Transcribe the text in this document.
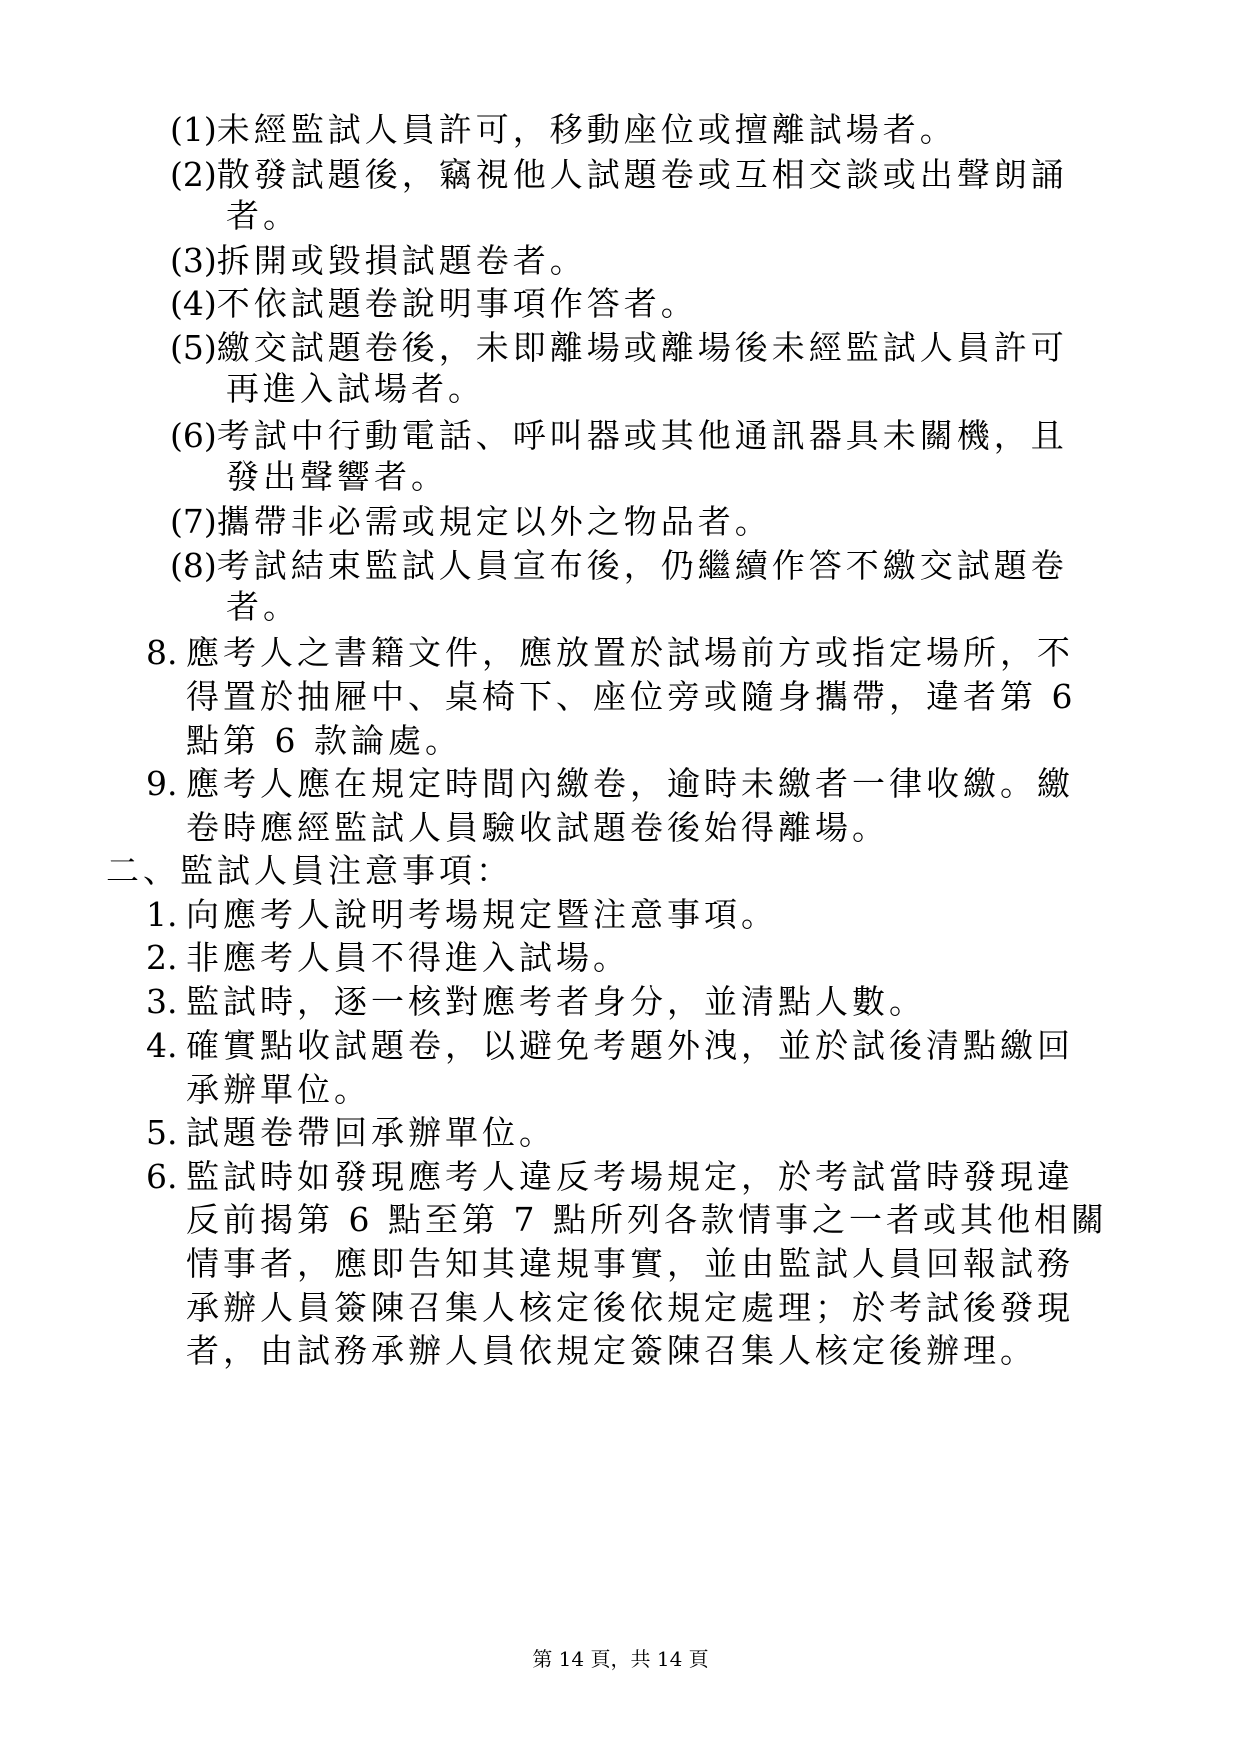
(1)未經監試人員許可，移動座位或擅離試場者。
(2)散發試題後，竊視他人試題卷或互相交談或出聲朗誦
者。
(3)拆開或毀損試題卷者。
(4)不依試題卷說明事項作答者。
(5)繳交試題卷後，未即離場或離場後未經監試人員許可
再進入試場者。
(6)考試中行動電話、呼叫器或其他通訊器具未關機，且
發出聲響者。
(7)攜帶非必需或規定以外之物品者。
(8)考試結束監試人員宣布後，仍繼續作答不繳交試題卷
者。
8. 應考人之書籍文件，應放置於試場前方或指定場所，不
得置於抽屜中、桌椅下、座位旁或隨身攜帶，違者第 6
點第 6 款論處。
9. 應考人應在規定時間內繳卷，逾時未繳者一律收繳。繳
卷時應經監試人員驗收試題卷後始得離場。
二、監試人員注意事項：
1. 向應考人說明考場規定暨注意事項。
2. 非應考人員不得進入試場。
3. 監試時，逐一核對應考者身分，並清點人數。
4. 確實點收試題卷，以避免考題外洩，並於試後清點繳回
承辦單位。
5. 試題卷帶回承辦單位。
6. 監試時如發現應考人違反考場規定，於考試當時發現違
反前揭第 6 點至第 7 點所列各款情事之一者或其他相關
情事者，應即告知其違規事實，並由監試人員回報試務
承辦人員簽陳召集人核定後依規定處理；於考試後發現
者，由試務承辦人員依規定簽陳召集人核定後辦理。
第 14 頁，共 14 頁
